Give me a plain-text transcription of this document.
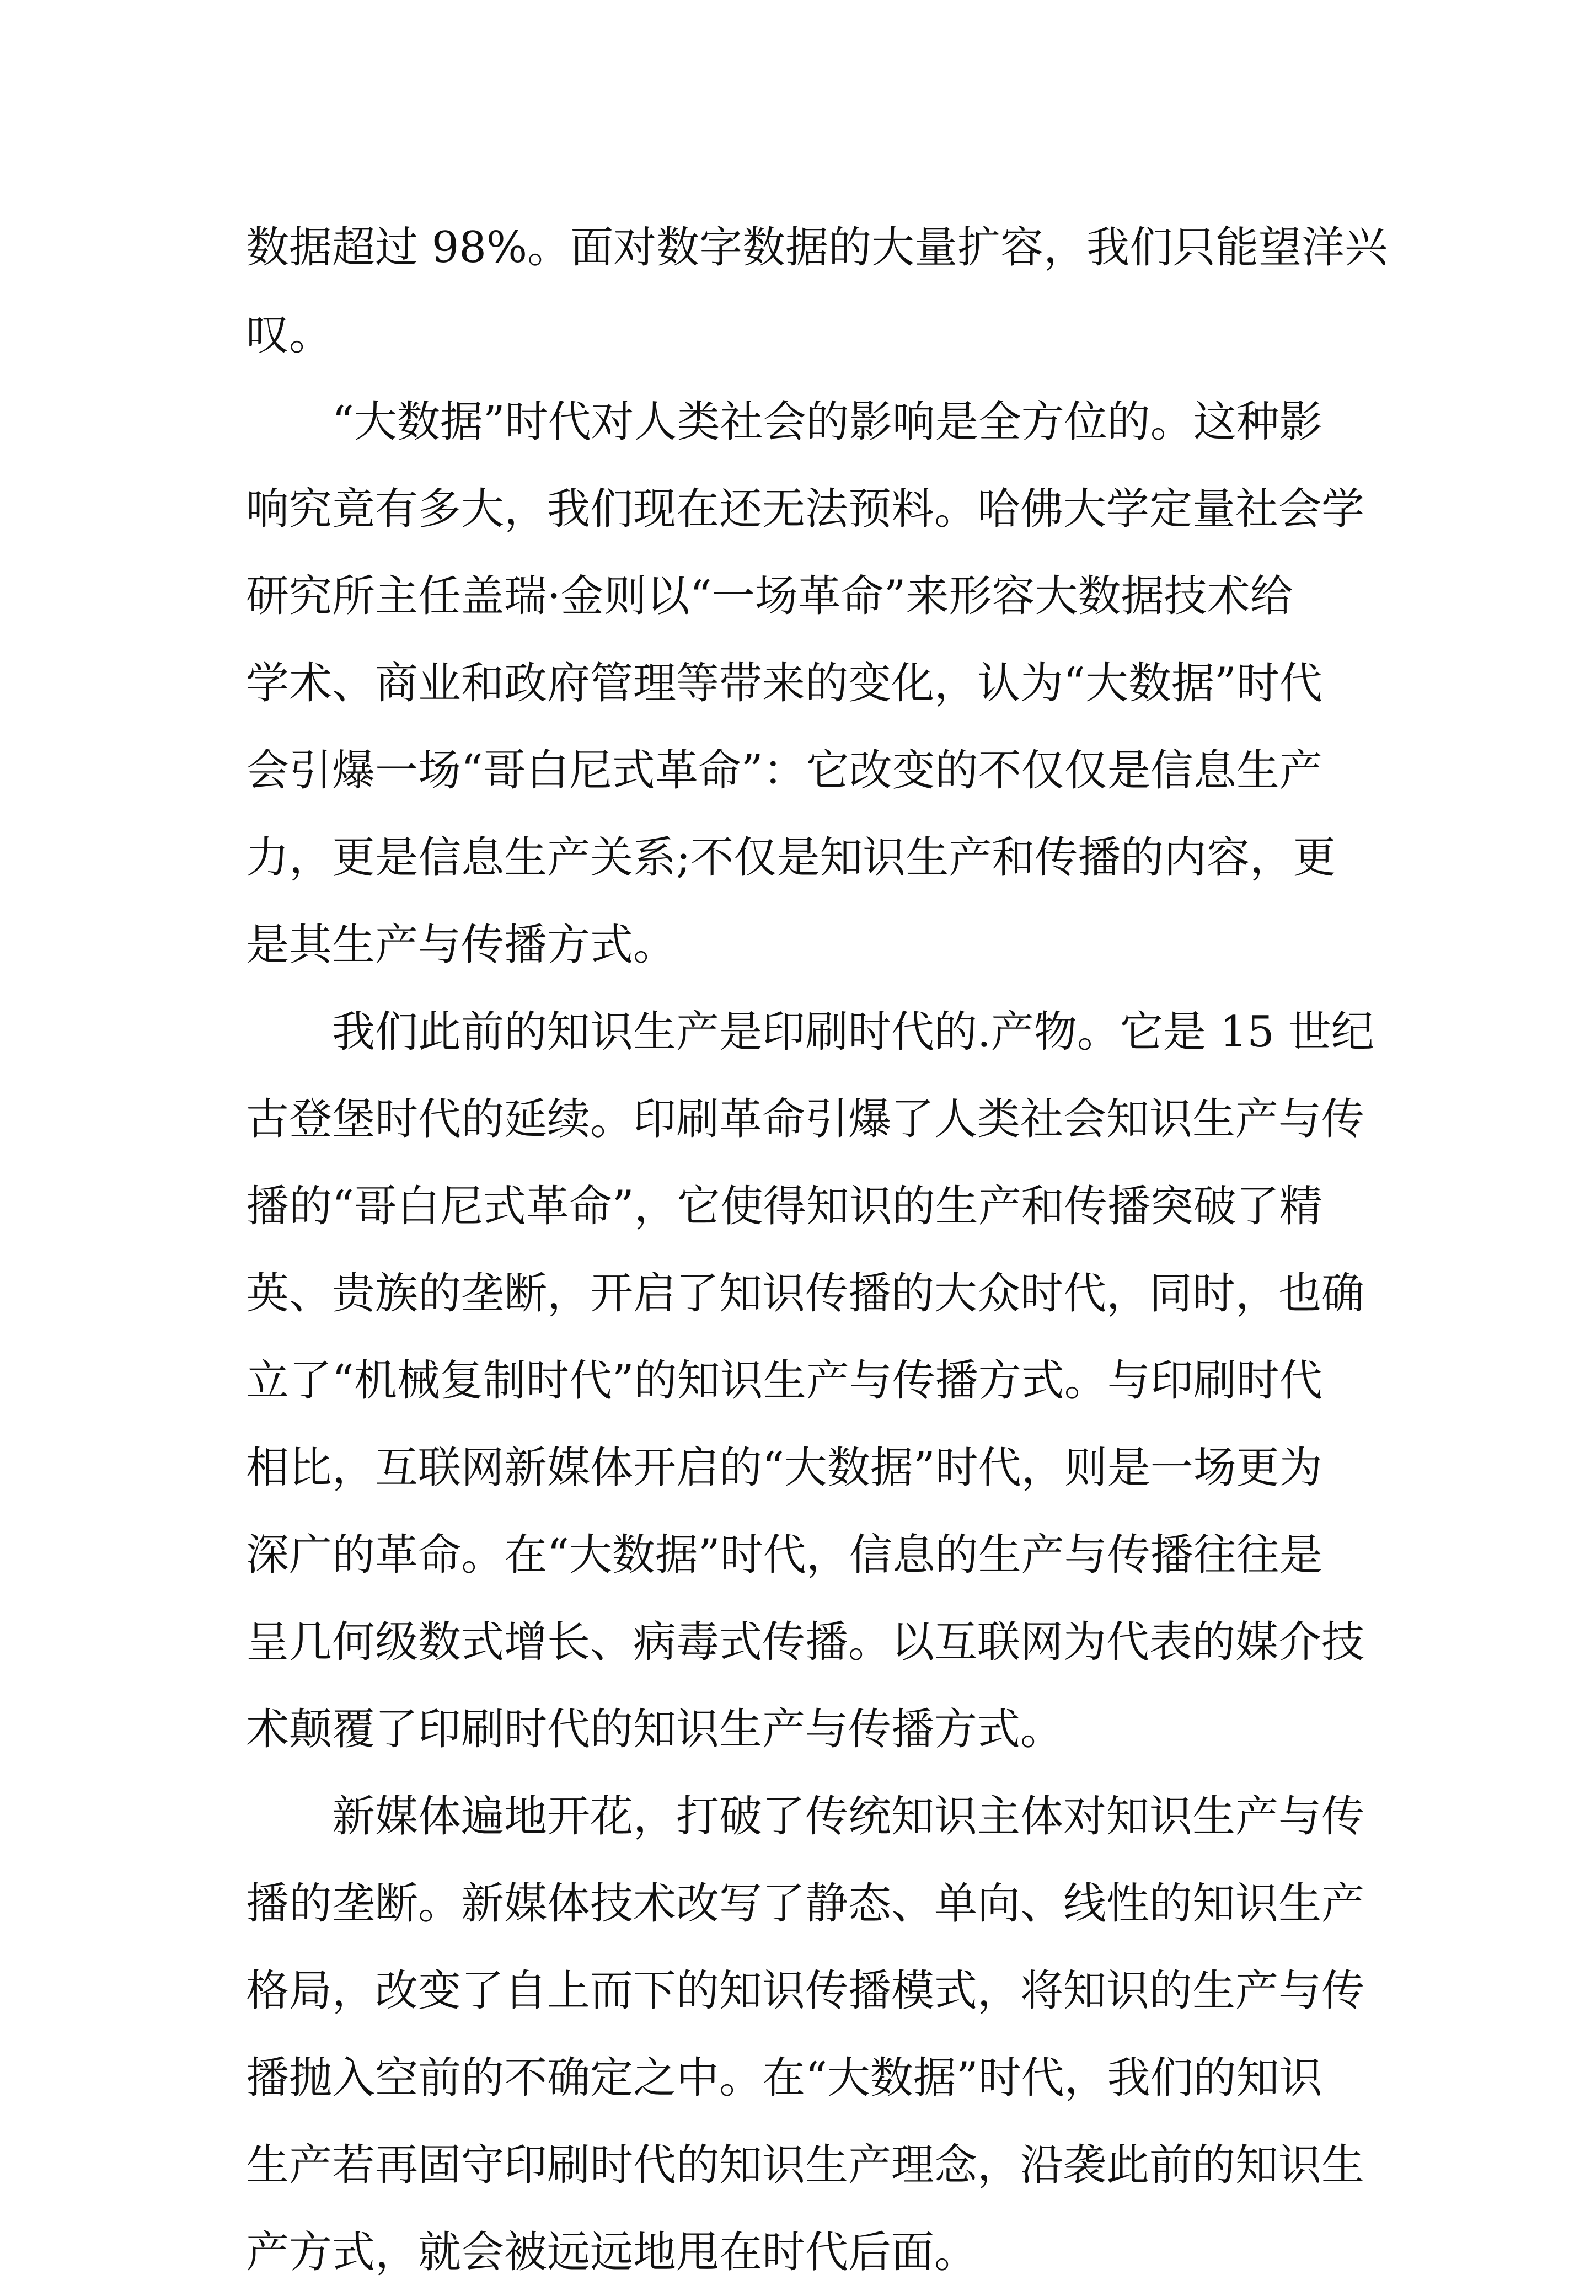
数据超过 98%。面对数字数据的大量扩容，我们只能望洋兴
叹。
“大数据”时代对人类社会的影响是全方位的。这种影
响究竟有多大，我们现在还无法预料。哈佛大学定量社会学
研究所主任盖瑞·金则以“一场革命”来形容大数据技术给
学术、商业和政府管理等带来的变化，认为“大数据”时代
会引爆一场“哥白尼式革命”：它改变的不仅仅是信息生产
力，更是信息生产关系;不仅是知识生产和传播的内容，更
是其生产与传播方式。
我们此前的知识生产是印刷时代的.产物。它是 15 世纪
古登堡时代的延续。印刷革命引爆了人类社会知识生产与传
播的“哥白尼式革命”，它使得知识的生产和传播突破了精
英、贵族的垄断，开启了知识传播的大众时代，同时，也确
立了“机械复制时代”的知识生产与传播方式。与印刷时代
相比，互联网新媒体开启的“大数据”时代，则是一场更为
深广的革命。在“大数据”时代，信息的生产与传播往往是
呈几何级数式增长、病毒式传播。以互联网为代表的媒介技
术颠覆了印刷时代的知识生产与传播方式。
新媒体遍地开花，打破了传统知识主体对知识生产与传
播的垄断。新媒体技术改写了静态、单向、线性的知识生产
格局，改变了自上而下的知识传播模式，将知识的生产与传
播抛入空前的不确定之中。在“大数据”时代，我们的知识
生产若再固守印刷时代的知识生产理念，沿袭此前的知识生
产方式，就会被远远地甩在时代后面。
